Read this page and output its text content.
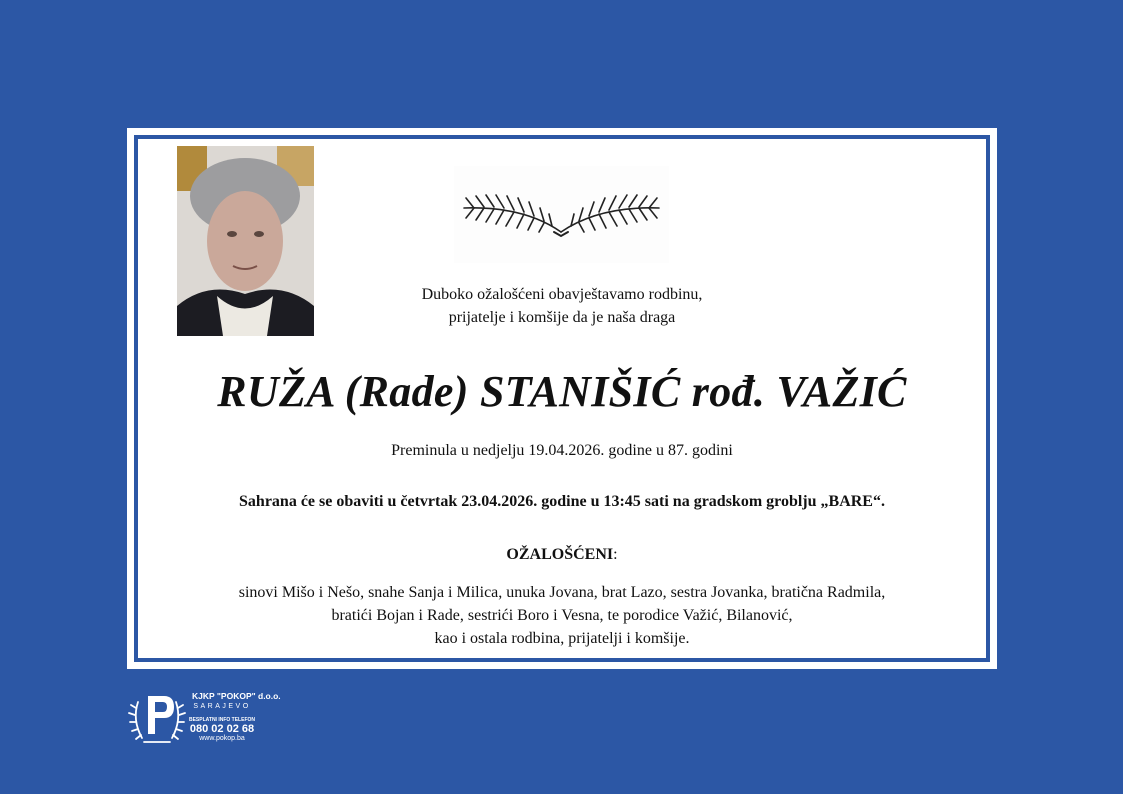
Duboko ožalošćeni obavještavamo rodbinu,
prijatelje i komšije da je naša draga
RUŽA (Rade) STANIŠIĆ rođ. VAŽIĆ
Preminula u nedjelju 19.04.2026. godine u 87. godini
Sahrana će se obaviti u četvrtak 23.04.2026. godine u 13:45 sati na gradskom groblju „BARE“.
OŽALOŠĆENI:
sinovi Mišo i Nešo, snahe Sanja i Milica, unuka Jovana, brat Lazo, sestra Jovanka, bratična Radmila,
bratići Bojan i Rade, sestrići Boro i Vesna, te porodice Važić, Bilanović,
kao i ostala rodbina, prijatelji i komšije.
KJKP "POKOP" d.o.o.
SARAJEVO
BESPLATNI INFO TELEFON
080 02 02 68
www.pokop.ba
